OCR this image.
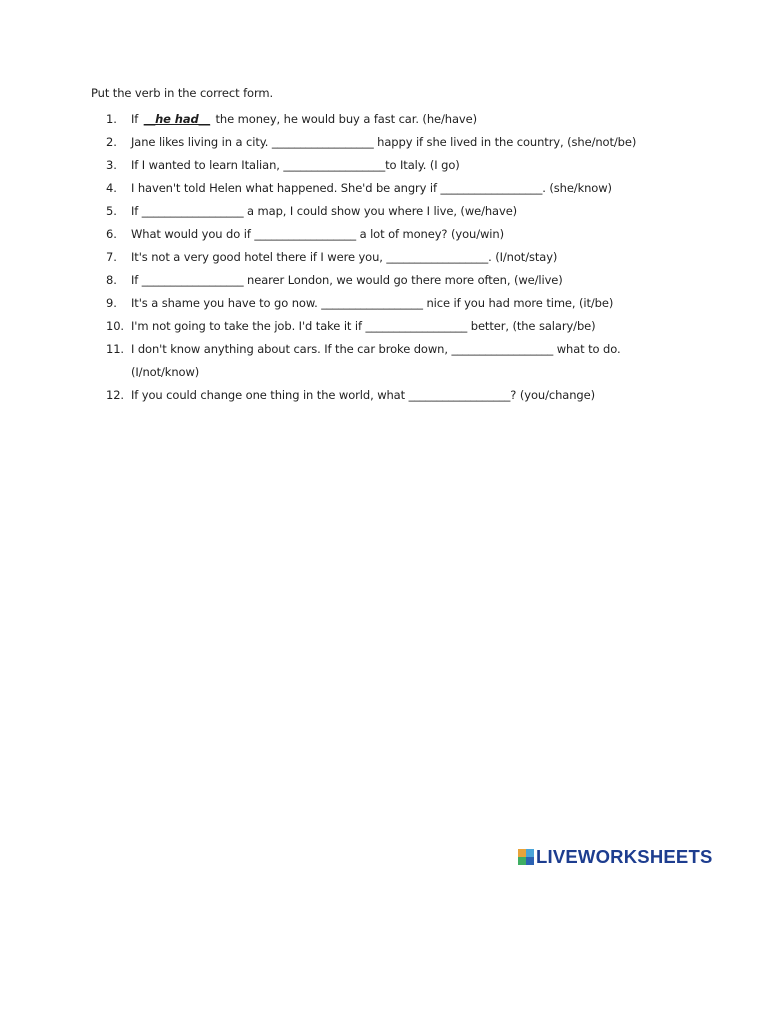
Put the verb in the correct form.
1.	If __he had__ the money, he would buy a fast car. (he/have)
2.	Jane likes living in a city. __________________ happy if she lived in the country, (she/not/be)
3.	If I wanted to learn Italian, __________________to Italy. (I go)
4.	I haven't told Helen what happened. She'd be angry if __________________. (she/know)
5.	If __________________ a map, I could show you where I live, (we/have)
6.	What would you do if __________________ a lot of money? (you/win)
7.	It's not a very good hotel there if I were you, __________________. (I/not/stay)
8.	If __________________ nearer London, we would go there more often, (we/live)
9.	It's a shame you have to go now. __________________ nice if you had more time, (it/be)
10. I'm not going to take the job. I'd take it if __________________ better, (the salary/be)
11. I don't know anything about cars. If the car broke down, __________________ what to do.
(I/not/know)
12. If you could change one thing in the world, what __________________? (you/change)
LIVEWORKSHEETS
